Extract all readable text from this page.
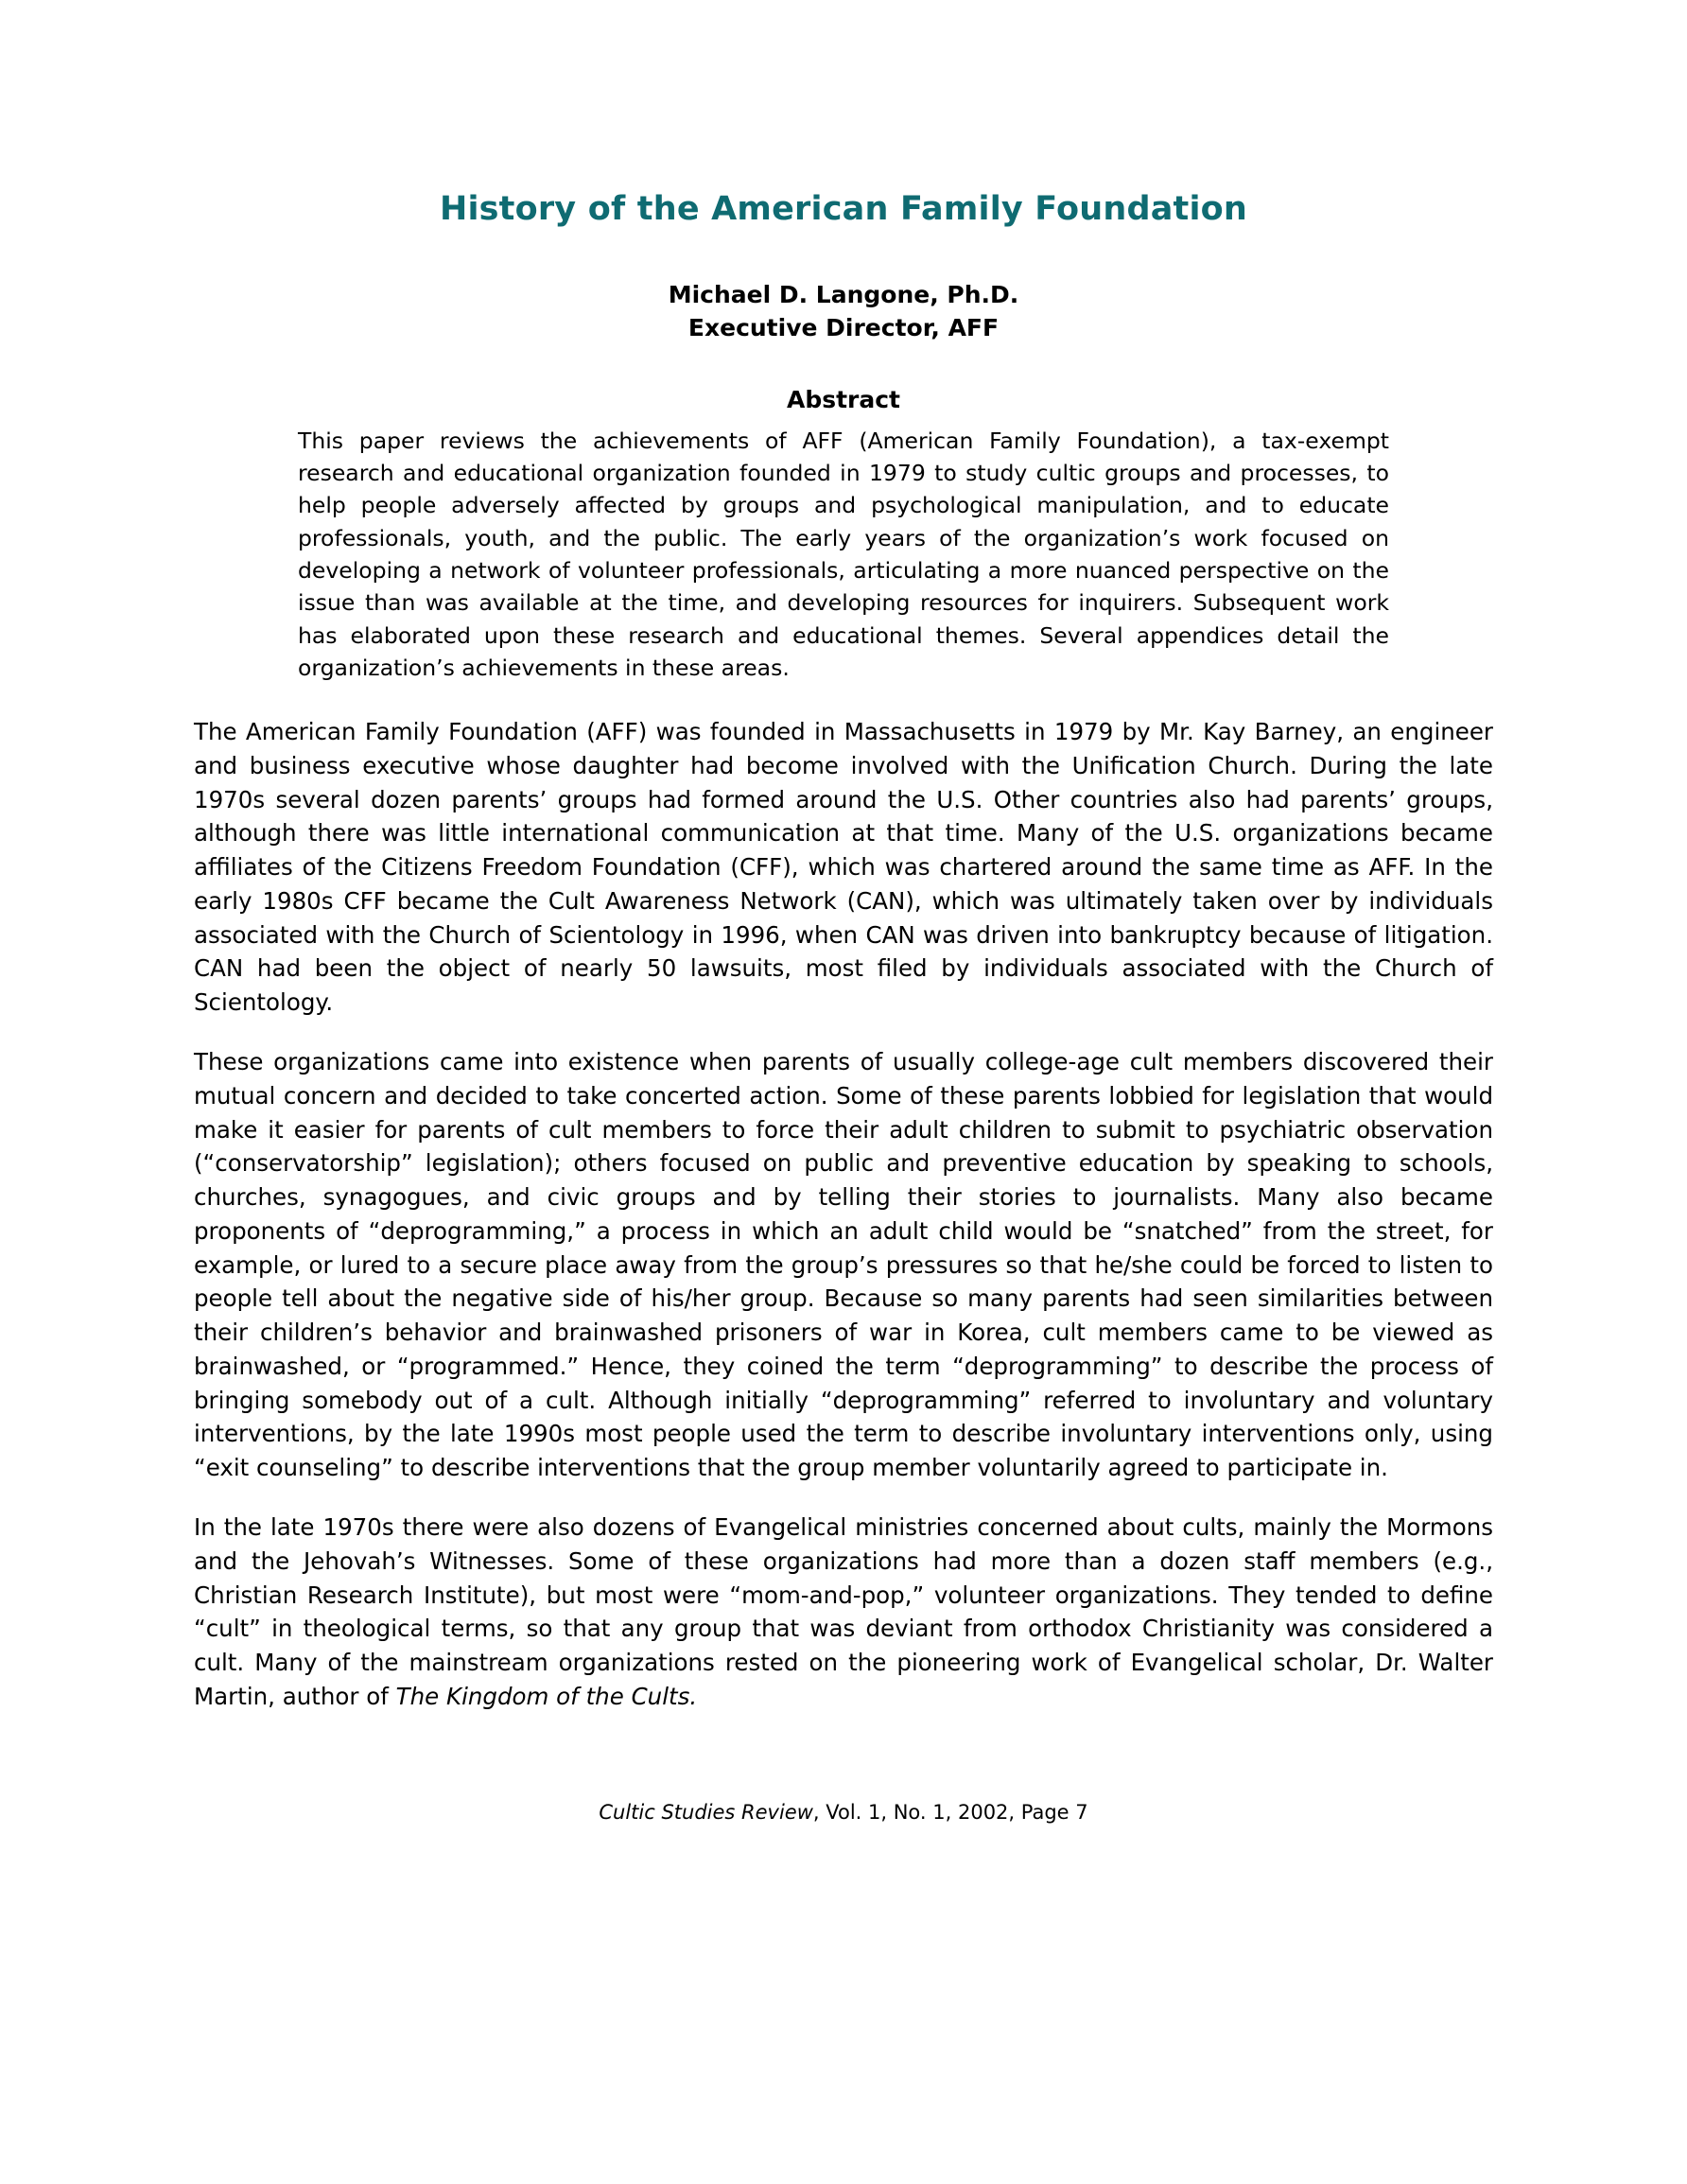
History of the American Family Foundation
Michael D. Langone, Ph.D.
Executive Director, AFF
Abstract
This paper reviews the achievements of AFF (American Family Foundation), a tax-exempt research and educational organization founded in 1979 to study cultic groups and processes, to help people adversely affected by groups and psychological manipulation, and to educate professionals, youth, and the public. The early years of the organization’s work focused on developing a network of volunteer professionals, articulating a more nuanced perspective on the issue than was available at the time, and developing resources for inquirers. Subsequent work has elaborated upon these research and educational themes. Several appendices detail the organization’s achievements in these areas.

The American Family Foundation (AFF) was founded in Massachusetts in 1979 by Mr. Kay Barney, an engineer and business executive whose daughter had become involved with the Unification Church. During the late 1970s several dozen parents’ groups had formed around the U.S. Other countries also had parents’ groups, although there was little international communication at that time. Many of the U.S. organizations became affiliates of the Citizens Freedom Foundation (CFF), which was chartered around the same time as AFF. In the early 1980s CFF became the Cult Awareness Network (CAN), which was ultimately taken over by individuals associated with the Church of Scientology in 1996, when CAN was driven into bankruptcy because of litigation. CAN had been the object of nearly 50 lawsuits, most filed by individuals associated with the Church of Scientology.

These organizations came into existence when parents of usually college-age cult members discovered their mutual concern and decided to take concerted action. Some of these parents lobbied for legislation that would make it easier for parents of cult members to force their adult children to submit to psychiatric observation (“conservatorship” legislation); others focused on public and preventive education by speaking to schools, churches, synagogues, and civic groups and by telling their stories to journalists. Many also became proponents of “deprogramming,” a process in which an adult child would be “snatched” from the street, for example, or lured to a secure place away from the group’s pressures so that he/she could be forced to listen to people tell about the negative side of his/her group. Because so many parents had seen similarities between their children’s behavior and brainwashed prisoners of war in Korea, cult members came to be viewed as brainwashed, or “programmed.” Hence, they coined the term “deprogramming” to describe the process of bringing somebody out of a cult. Although initially “deprogramming” referred to involuntary and voluntary interventions, by the late 1990s most people used the term to describe involuntary interventions only, using “exit counseling” to describe interventions that the group member voluntarily agreed to participate in.

In the late 1970s there were also dozens of Evangelical ministries concerned about cults, mainly the Mormons and the Jehovah’s Witnesses. Some of these organizations had more than a dozen staff members (e.g., Christian Research Institute), but most were “mom-and-pop,” volunteer organizations. They tended to define “cult” in theological terms, so that any group that was deviant from orthodox Christianity was considered a cult. Many of the mainstream organizations rested on the pioneering work of Evangelical scholar, Dr. Walter Martin, author of The Kingdom of the Cults.

Cultic Studies Review, Vol. 1, No. 1, 2002, Page 7
